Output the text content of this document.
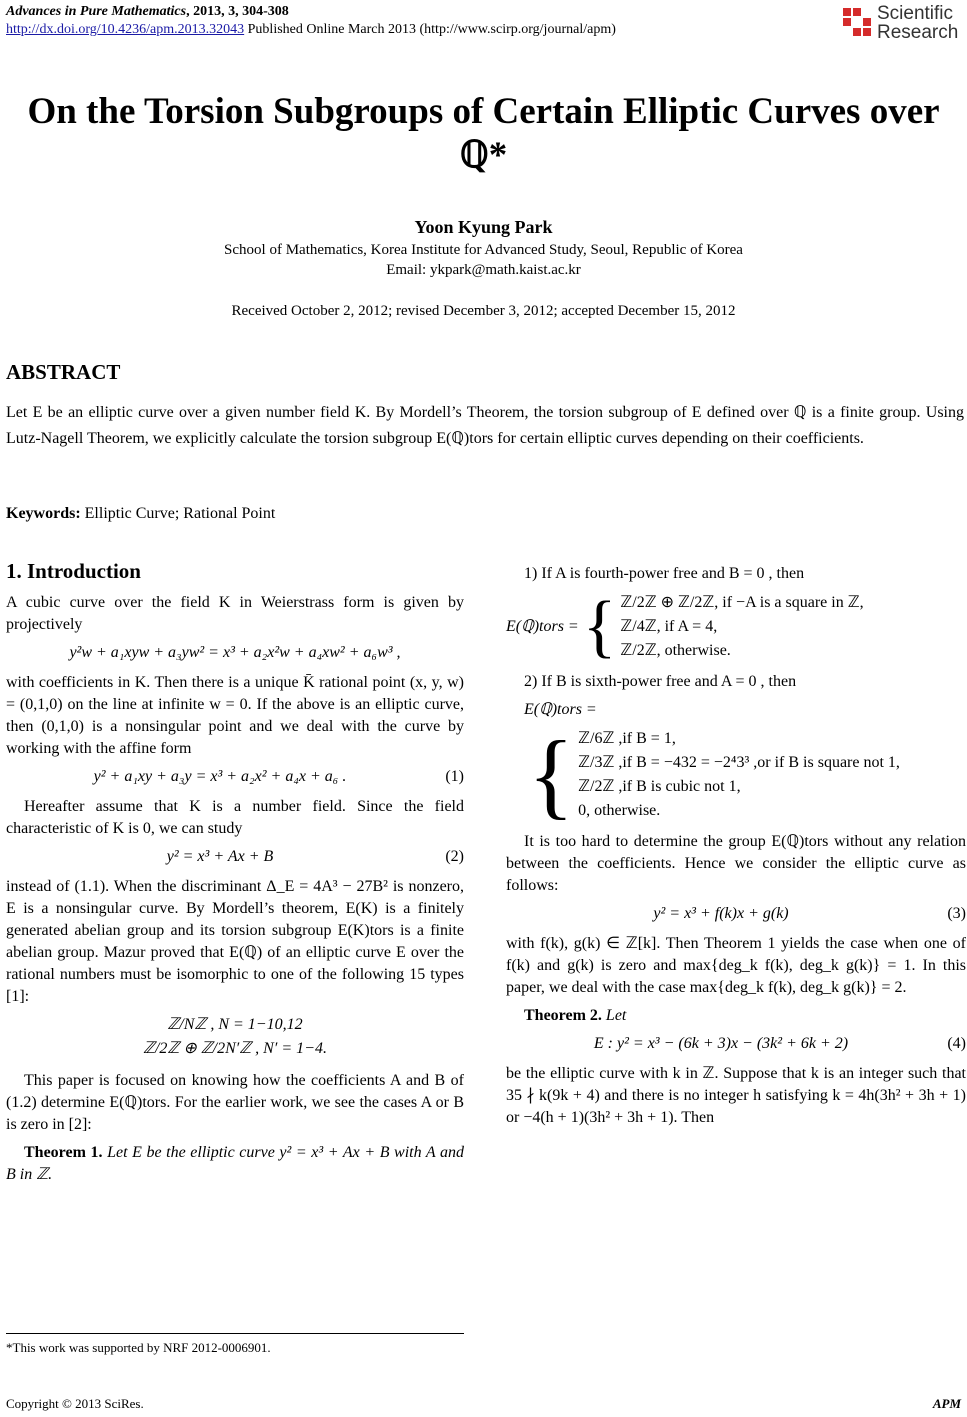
Advances in Pure Mathematics, 2013, 3, 304-308
http://dx.doi.org/10.4236/apm.2013.32043 Published Online March 2013 (http://www.scirp.org/journal/apm)
Scientific
Research
On the Torsion Subgroups of Certain Elliptic Curves over ℚ*
Yoon Kyung Park
School of Mathematics, Korea Institute for Advanced Study, Seoul, Republic of Korea
Email: ykpark@math.kaist.ac.kr
Received October 2, 2012; revised December 3, 2012; accepted December 15, 2012
ABSTRACT
Let E be an elliptic curve over a given number field K. By Mordell’s Theorem, the torsion subgroup of E defined over ℚ is a finite group. Using Lutz-Nagell Theorem, we explicitly calculate the torsion subgroup E(ℚ)tors for certain elliptic curves depending on their coefficients.
Keywords: Elliptic Curve; Rational Point
1. Introduction

A cubic curve over the field K in Weierstrass form is given by projectively

y²w + a₁xyw + a₃yw² = x³ + a₂x²w + a₄xw² + a₆w³ ,

with coefficients in K. Then there is a unique K̄ rational point (x, y, w) = (0,1,0) on the line at infinite w = 0. If the above is an elliptic curve, then (0,1,0) is a nonsingular point and we deal with the curve by working with the affine form

y² + a₁xy + a₃y = x³ + a₂x² + a₄x + a₆ .	(1)

Hereafter assume that K is a number field. Since the field characteristic of K is 0, we can study

y² = x³ + Ax + B	(2)

instead of (1.1). When the discriminant Δ_E = 4A³ − 27B² is nonzero, E is a nonsingular curve. By Mordell’s theorem, E(K) is a finitely generated abelian group and its torsion subgroup E(K)tors is a finite abelian group. Mazur proved that E(ℚ) of an elliptic curve E over the rational numbers must be isomorphic to one of the following 15 types [1]:

ℤ/Nℤ , N = 1−10,12
ℤ/2ℤ ⊕ ℤ/2N′ℤ , N′ = 1−4.

This paper is focused on knowing how the coefficients A and B of (1.2) determine E(ℚ)tors. For the earlier work, we see the cases A or B is zero in [2]:

Theorem 1. Let E be the elliptic curve y² = x³ + Ax + B with A and B in ℤ.

1) If A is fourth-power free and B = 0 , then

E(ℚ)tors = { ℤ/2ℤ ⊕ ℤ/2ℤ, if −A is a square in ℤ,
ℤ/4ℤ, if A = 4,
ℤ/2ℤ, otherwise.

2) If B is sixth-power free and A = 0 , then

E(ℚ)tors =
{ ℤ/6ℤ ,if B = 1,
ℤ/3ℤ ,if B = −432 = −2⁴3³ ,or if B is square not 1,
ℤ/2ℤ ,if B is cubic not 1,
0, otherwise.

It is too hard to determine the group E(ℚ)tors without any relation between the coefficients. Hence we consider the elliptic curve as follows:

y² = x³ + f(k)x + g(k)	(3)

with f(k), g(k) ∈ ℤ[k]. Then Theorem 1 yields the case when one of f(k) and g(k) is zero and max{deg_k f(k), deg_k g(k)} = 1. In this paper, we deal with the case max{deg_k f(k), deg_k g(k)} = 2.

Theorem 2. Let

E : y² = x³ − (6k + 3)x − (3k² + 6k + 2)	(4)

be the elliptic curve with k in ℤ. Suppose that k is an integer such that 35 ∤ k(9k + 4) and there is no integer h satisfying k = 4h(3h² + 3h + 1) or −4(h + 1)(3h² + 3h + 1). Then

*This work was supported by NRF 2012-0006901.
Copyright © 2013 SciRes.	APM
